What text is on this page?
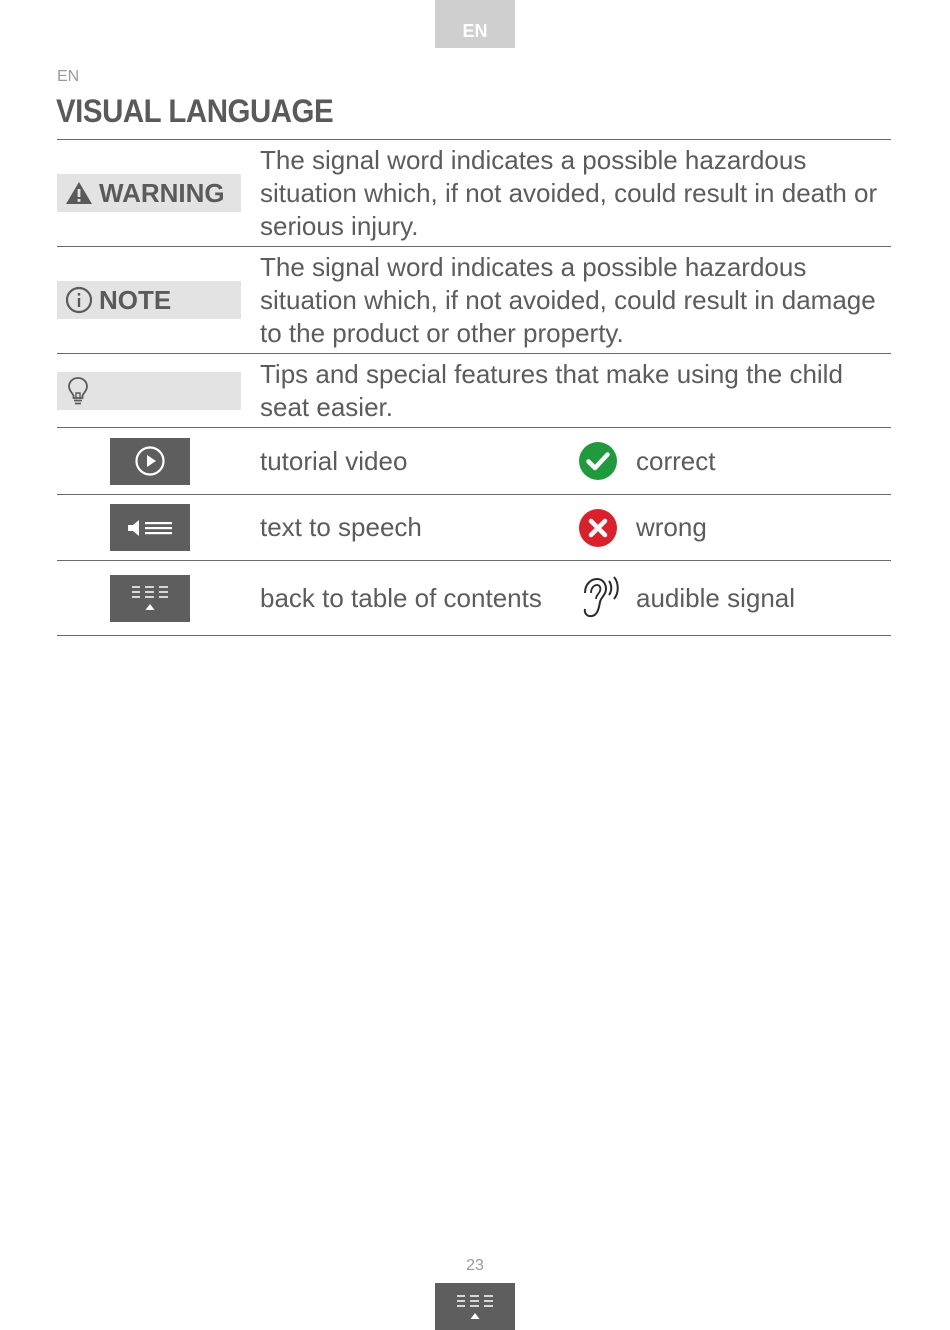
EN
EN
VISUAL LANGUAGE
WARNING
The signal word indicates a possible hazardous situation which, if not avoided, could result in death or serious injury.
NOTE
The signal word indicates a possible hazardous situation which, if not avoided, could result in damage to the product or other property.
Tips and special features that make using the child seat easier.
tutorial video	correct
text to speech	wrong
back to table of contents	audible signal
23
